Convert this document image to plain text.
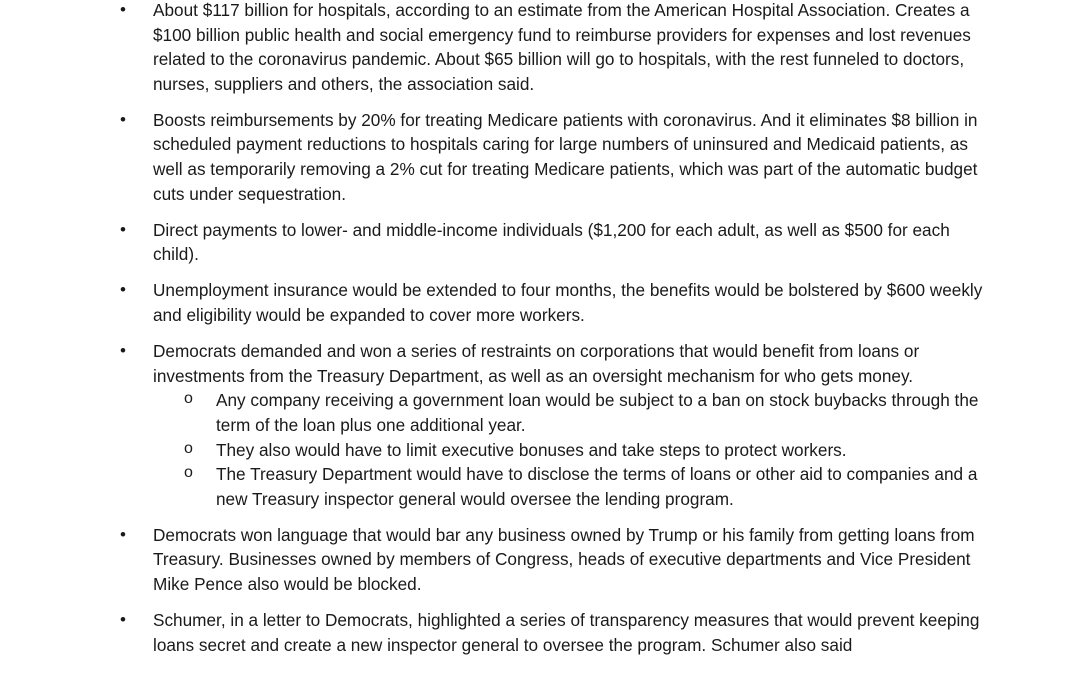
• About $117 billion for hospitals, according to an estimate from the American Hospital Association. Creates a $100 billion public health and social emergency fund to reimburse providers for expenses and lost revenues related to the coronavirus pandemic. About $65 billion will go to hospitals, with the rest funneled to doctors, nurses, suppliers and others, the association said.
• Boosts reimbursements by 20% for treating Medicare patients with coronavirus. And it eliminates $8 billion in scheduled payment reductions to hospitals caring for large numbers of uninsured and Medicaid patients, as well as temporarily removing a 2% cut for treating Medicare patients, which was part of the automatic budget cuts under sequestration.
• Direct payments to lower- and middle-income individuals ($1,200 for each adult, as well as $500 for each child).
• Unemployment insurance would be extended to four months, the benefits would be bolstered by $600 weekly and eligibility would be expanded to cover more workers.
• Democrats demanded and won a series of restraints on corporations that would benefit from loans or investments from the Treasury Department, as well as an oversight mechanism for who gets money.
o Any company receiving a government loan would be subject to a ban on stock buybacks through the term of the loan plus one additional year.
o They also would have to limit executive bonuses and take steps to protect workers.
o The Treasury Department would have to disclose the terms of loans or other aid to companies and a new Treasury inspector general would oversee the lending program.
• Democrats won language that would bar any business owned by Trump or his family from getting loans from Treasury. Businesses owned by members of Congress, heads of executive departments and Vice President Mike Pence also would be blocked.
• Schumer, in a letter to Democrats, highlighted a series of transparency measures that would prevent keeping loans secret and create a new inspector general to oversee the program. Schumer also said
